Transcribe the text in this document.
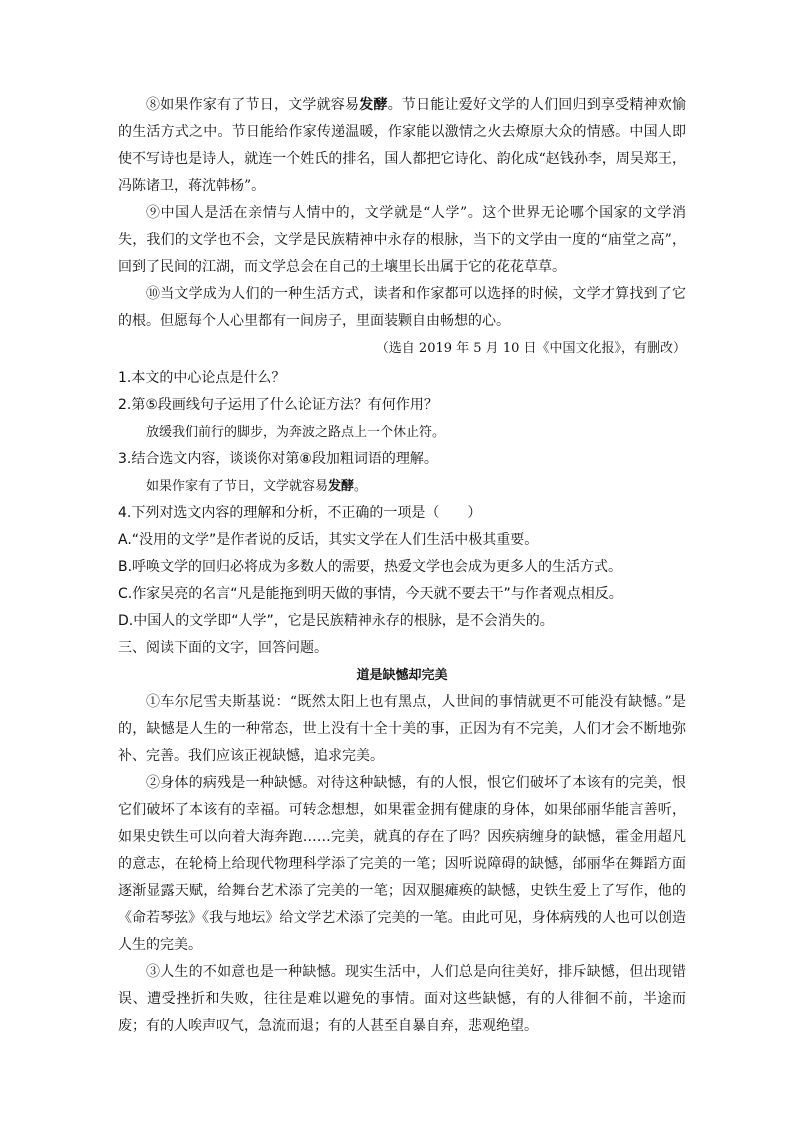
⑧如果作家有了节日，文学就容易发酵。节日能让爱好文学的人们回归到享受精神欢愉的生活方式之中。节日能给作家传递温暖，作家能以激情之火去燎原大众的情感。中国人即使不写诗也是诗人，就连一个姓氏的排名，国人都把它诗化、韵化成“赵钱孙李，周吴郑王，冯陈诸卫，蒋沈韩杨”。

⑨中国人是活在亲情与人情中的，文学就是“人学”。这个世界无论哪个国家的文学消失，我们的文学也不会，文学是民族精神中永存的根脉，当下的文学由一度的“庙堂之高”，回到了民间的江湖，而文学总会在自己的土壤里长出属于它的花花草草。

⑩当文学成为人们的一种生活方式，读者和作家都可以选择的时候，文学才算找到了它的根。但愿每个人心里都有一间房子，里面装颗自由畅想的心。

（选自 2019 年 5 月 10 日《中国文化报》，有删改）

1.本文的中心论点是什么？

2.第⑤段画线句子运用了什么论证方法？有何作用？

放缓我们前行的脚步，为奔波之路点上一个休止符。

3.结合选文内容，谈谈你对第⑧段加粗词语的理解。

如果作家有了节日，文学就容易发酵。

4.下列对选文内容的理解和分析，不正确的一项是（　　）

A.“没用的文学”是作者说的反话，其实文学在人们生活中极其重要。

B.呼唤文学的回归必将成为多数人的需要，热爱文学也会成为更多人的生活方式。

C.作家吴亮的名言“凡是能拖到明天做的事情，今天就不要去干”与作者观点相反。

D.中国人的文学即“人学”，它是民族精神永存的根脉，是不会消失的。

三、阅读下面的文字，回答问题。

道是缺憾却完美

①车尔尼雪夫斯基说：“既然太阳上也有黑点，人世间的事情就更不可能没有缺憾。”是的，缺憾是人生的一种常态，世上没有十全十美的事，正因为有不完美，人们才会不断地弥补、完善。我们应该正视缺憾，追求完美。

②身体的病残是一种缺憾。对待这种缺憾，有的人恨，恨它们破坏了本该有的完美，恨它们破坏了本该有的幸福。可转念想想，如果霍金拥有健康的身体，如果邰丽华能言善听，如果史铁生可以向着大海奔跑……完美，就真的存在了吗？因疾病缠身的缺憾，霍金用超凡的意志，在轮椅上给现代物理科学添了完美的一笔；因听说障碍的缺憾，邰丽华在舞蹈方面逐渐显露天赋，给舞台艺术添了完美的一笔；因双腿瘫痪的缺憾，史铁生爱上了写作，他的《命若琴弦》《我与地坛》给文学艺术添了完美的一笔。由此可见，身体病残的人也可以创造人生的完美。

③人生的不如意也是一种缺憾。现实生活中，人们总是向往美好，排斥缺憾，但出现错误、遭受挫折和失败，往往是难以避免的事情。面对这些缺憾，有的人徘徊不前，半途而废；有的人唉声叹气，急流而退；有的人甚至自暴自弃，悲观绝望。
